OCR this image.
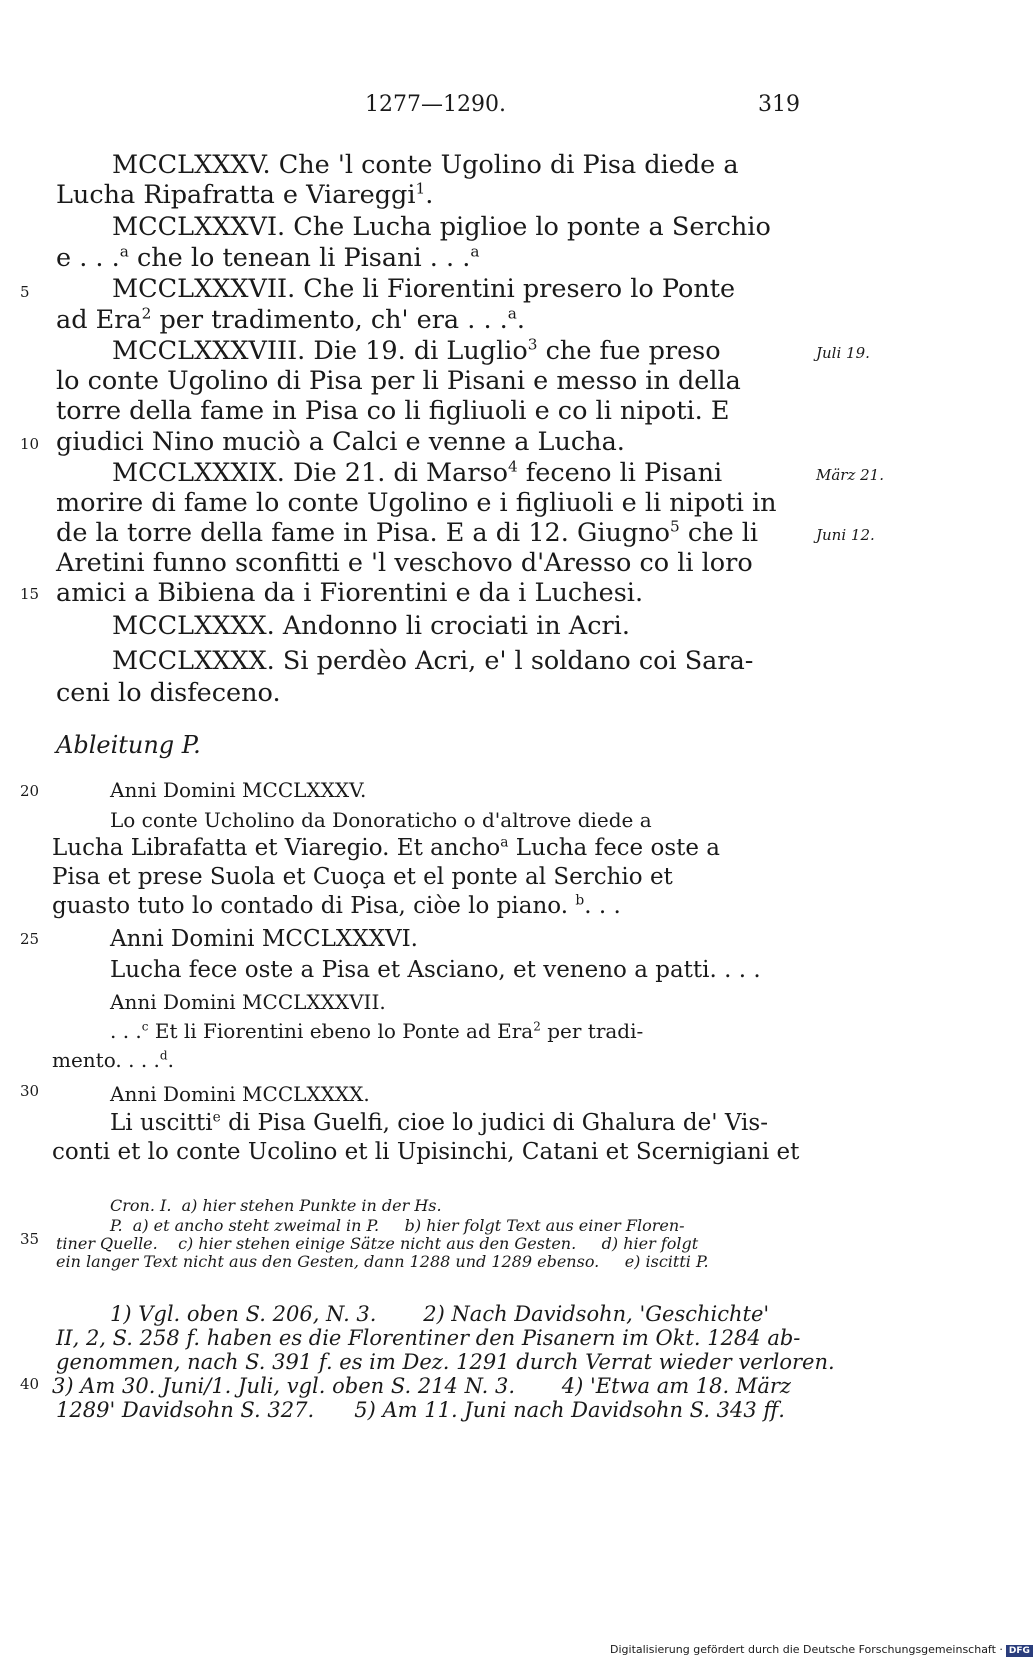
1277—1290.	319
5
10
15
20
25
30
35
40
Juli 19.
März 21.
Juni 12.
MCCLXXXV. Che 'l conte Ugolino di Pisa diede a
Lucha Ripafratta e Viareggi$^1$.
MCCLXXXVI. Che Lucha piglioe lo ponte a Serchio
e . . .$^a$ che lo tenean li Pisani . . .$^a$
MCCLXXXVII. Che li Fiorentini presero lo Ponte
ad Era$^2$ per tradimento, ch' era . . .$^a$.
MCCLXXXVIII. Die 19. di Luglio$^3$ che fue preso
lo conte Ugolino di Pisa per li Pisani e messo in della
torre della fame in Pisa co li figliuoli e co li nipoti. E
giudici Nino muciò a Calci e venne a Lucha.
MCCLXXXIX. Die 21. di Marso$^4$ feceno li Pisani
morire di fame lo conte Ugolino e i figliuoli e li nipoti in
de la torre della fame in Pisa. E a di 12. Giugno$^5$ che li
Aretini funno sconfitti e 'l veschovo d'Aresso co li loro
amici a Bibiena da i Fiorentini e da i Luchesi.
MCCLXXXX. Andonno li crociati in Acri.
MCCLXXXX. Si perdèo Acri, e' l soldano coi Sara-
ceni lo disfeceno.
Ableitung P.
Anni Domini MCCLXXXV.
Lo conte Ucholino da Donoraticho o d'altrove diede a
Lucha Librafatta et Viaregio. Et ancho$^a$ Lucha fece oste a
Pisa et prese Suola et Cuoça et el ponte al Serchio et
guasto tuto lo contado di Pisa, ciòe lo piano. $^b$. . .
Anni Domini MCCLXXXVI.
Lucha fece oste a Pisa et Asciano, et veneno a patti. . . .
Anni Domini MCCLXXXVII.
. . .$^c$ Et li Fiorentini ebeno lo Ponte ad Era$^2$ per tradi-
mento. . . .$^d$.
Anni Domini MCCLXXXX.
Li uscitti$^e$ di Pisa Guelfi, cioe lo judici di Ghalura de' Vis-
conti et lo conte Ucolino et li Upisinchi, Catani et Scernigiani et
Cron. I. a) hier stehen Punkte in der Hs.
P. a) et ancho steht zweimal in P. b) hier folgt Text aus einer Floren-
tiner Quelle. c) hier stehen einige Sätze nicht aus den Gesten. d) hier folgt
ein langer Text nicht aus den Gesten, dann 1288 und 1289 ebenso. e) iscitti P.
1) Vgl. oben S. 206, N. 3. 2) Nach Davidsohn, 'Geschichte'
II, 2, S. 258 f. haben es die Florentiner den Pisanern im Okt. 1284 ab-
genommen, nach S. 391 f. es im Dez. 1291 durch Verrat wieder verloren.
3) Am 30. Juni/1. Juli, vgl. oben S. 214 N. 3. 4) 'Etwa am 18. März
1289' Davidsohn S. 327. 5) Am 11. Juni nach Davidsohn S. 343 ff.
Digitalisierung gefördert durch die Deutsche Forschungsgemeinschaft · DFG
